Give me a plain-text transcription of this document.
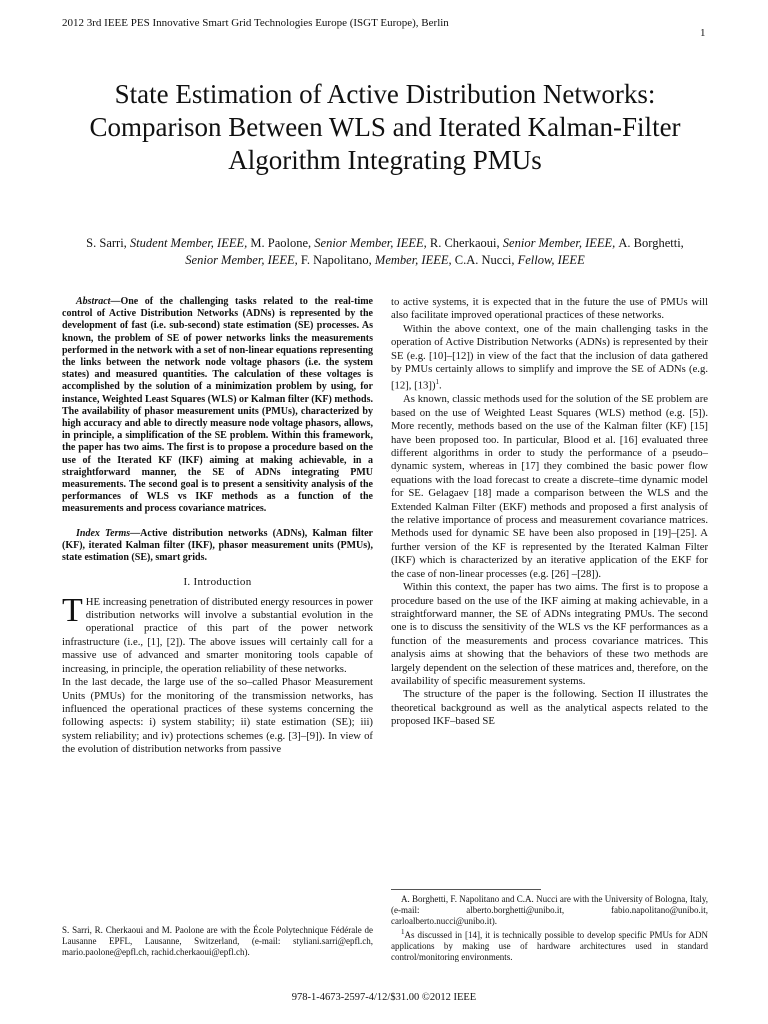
2012 3rd IEEE PES Innovative Smart Grid Technologies Europe (ISGT Europe), Berlin
1
State Estimation of Active Distribution Networks: Comparison Between WLS and Iterated Kalman-Filter Algorithm Integrating PMUs
S. Sarri, Student Member, IEEE, M. Paolone, Senior Member, IEEE, R. Cherkaoui, Senior Member, IEEE, A. Borghetti, Senior Member, IEEE, F. Napolitano, Member, IEEE, C.A. Nucci, Fellow, IEEE

Abstract—One of the challenging tasks related to the real-time control of Active Distribution Networks (ADNs) is represented by the development of fast (i.e. sub-second) state estimation (SE) processes. As known, the problem of SE of power networks links the measurements performed in the network with a set of non-linear equations representing the links between the network node voltage phasors (i.e. the system states) and measured quantities. The calculation of these voltages is accomplished by the solution of a minimization problem by using, for instance, Weighted Least Squares (WLS) or Kalman filter (KF) methods. The availability of phasor measurement units (PMUs), characterized by high accuracy and able to directly measure node voltage phasors, allows, in principle, a simplification of the SE problem. Within this framework, the paper has two aims. The first is to propose a procedure based on the use of the Iterated KF (IKF) aiming at making achievable, in a straightforward manner, the SE of ADNs integrating PMU measurements. The second goal is to present a sensitivity analysis of the performances of WLS vs IKF methods as a function of the measurements and process covariance matrices.

Index Terms—Active distribution networks (ADNs), Kalman filter (KF), iterated Kalman filter (IKF), phasor measurement units (PMUs), state estimation (SE), smart grids.

I. Introduction

THE increasing penetration of distributed energy resources in power distribution networks will involve a substantial evolution in the operational practice of this part of the power network infrastructure (i.e., [1], [2]). The above issues will certainly call for a massive use of advanced and smarter monitoring tools capable of increasing, in principle, the operation reliability of these networks.

In the last decade, the large use of the so–called Phasor Measurement Units (PMUs) for the monitoring of the transmission networks, has influenced the operational practices of these systems concerning the following aspects: i) system stability; ii) state estimation (SE); iii) system reliability; and iv) protections schemes (e.g. [3]–[9]). In view of the evolution of distribution networks from passive

to active systems, it is expected that in the future the use of PMUs will also facilitate improved operational practices of these networks.

Within the above context, one of the main challenging tasks in the operation of Active Distribution Networks (ADNs) is represented by their SE (e.g. [10]–[12]) in view of the fact that the inclusion of data gathered by PMUs certainly allows to simplify and improve the SE of ADNs (e.g. [12], [13])$^1$.

As known, classic methods used for the solution of the SE problem are based on the use of Weighted Least Squares (WLS) method (e.g. [5]). More recently, methods based on the use of the Kalman filter (KF) [15] have been proposed too. In particular, Blood et al. [16] evaluated three different algorithms in order to study the performance of a pseudo–dynamic system, whereas in [17] they combined the basic power flow equations with the load forecast to create a discrete–time dynamic model for SE. Gelagaev [18] made a comparison between the WLS and the Extended Kalman Filter (EKF) methods and proposed a first analysis of the relative importance of process and measurement covariance matrices. Methods used for dynamic SE have been also proposed in [19]–[25]. A further version of the KF is represented by the Iterated Kalman Filter (IKF) which is characterized by an iterative application of the EKF for the case of non-linear processes (e.g. [26] –[28]).

Within this context, the paper has two aims. The first is to propose a procedure based on the use of the IKF aiming at making achievable, in a straightforward manner, the SE of ADNs integrating PMUs. The second one is to discuss the sensitivity of the WLS vs the KF performances as a function of the measurements and process covariance matrices. This analysis aims at showing that the behaviors of these two methods are largely dependent on the selection of these matrices and, therefore, on the availability of specific measurement systems.

The structure of the paper is the following. Section II illustrates the theoretical background as well as the analytical aspects related to the proposed IKF–based SE

S. Sarri, R. Cherkaoui and M. Paolone are with the École Polytechnique Fédérale de Lausanne EPFL, Lausanne, Switzerland, (e-mail: styliani.sarri@epfl.ch, mario.paolone@epfl.ch, rachid.cherkaoui@epfl.ch).
A. Borghetti, F. Napolitano and C.A. Nucci are with the University of Bologna, Italy, (e-mail: alberto.borghetti@unibo.it, fabio.napolitano@unibo.it, carloalberto.nucci@unibo.it).
$^1$As discussed in [14], it is technically possible to develop specific PMUs for ADN applications by making use of hardware architectures used in standard control/monitoring environments.
978-1-4673-2597-4/12/$31.00 ©2012 IEEE
